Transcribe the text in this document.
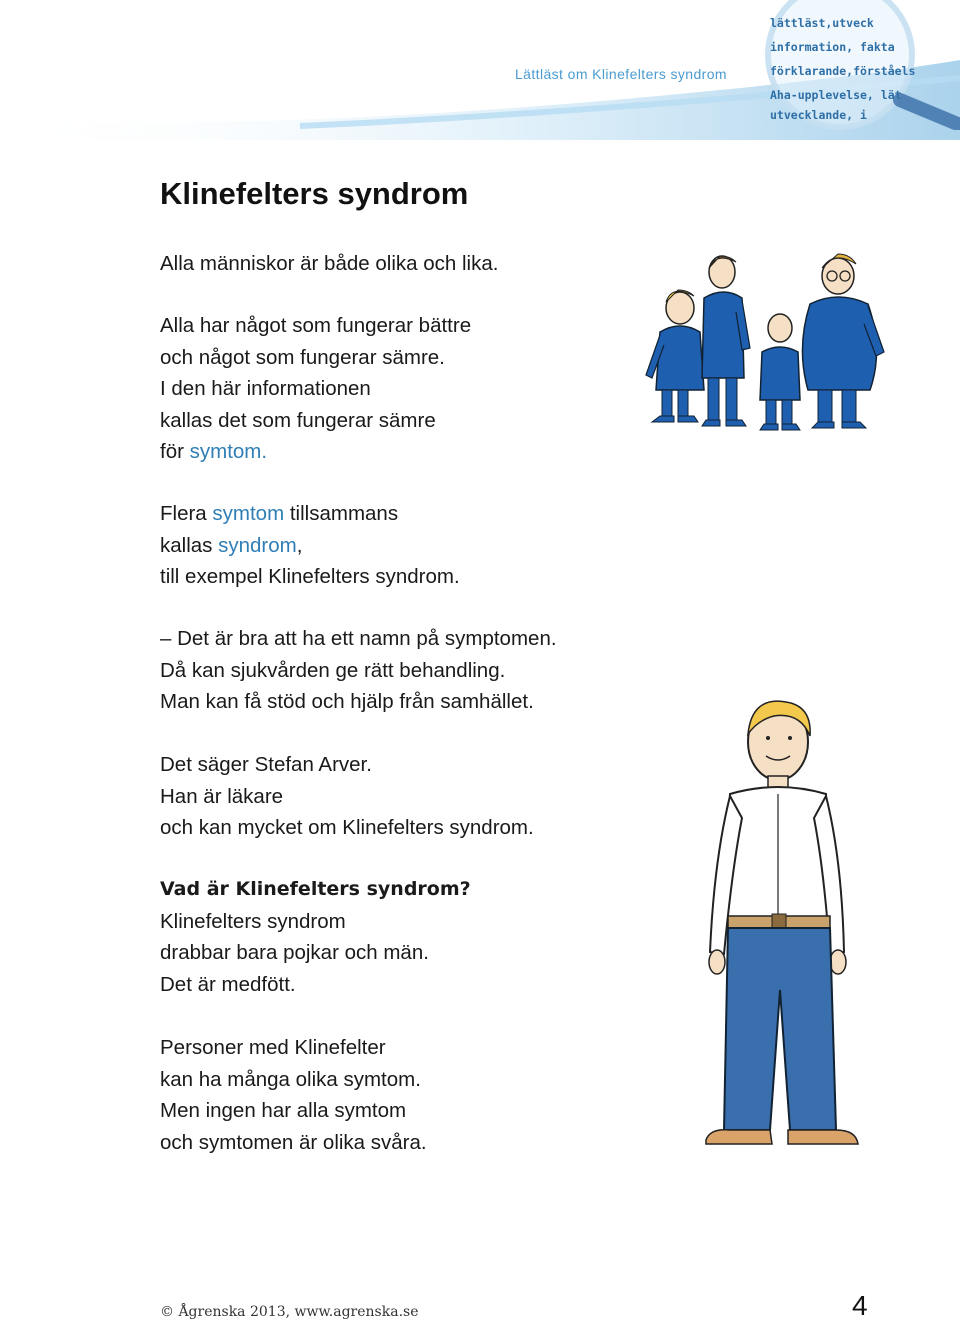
Lättläst om Klinefelters syndrom
lättläst,utveck
information, fakta
förklarande,förståels
Aha-upplevelse, lät
utvecklande, i
Klinefelters syndrom
Alla människor är både olika och lika.
Alla har något som fungerar bättre
och något som fungerar sämre.
I den här informationen
kallas det som fungerar sämre
för symtom.
Flera symtom tillsammans
kallas syndrom,
till exempel Klinefelters syndrom.
– Det är bra att ha ett namn på symptomen.
Då kan sjukvården ge rätt behandling.
Man kan få stöd och hjälp från samhället.
Det säger Stefan Arver.
Han är läkare
och kan mycket om Klinefelters syndrom.
Vad är Klinefelters syndrom?
Klinefelters syndrom
drabbar bara pojkar och män.
Det är medfött.
Personer med Klinefelter
kan ha många olika symtom.
Men ingen har alla symtom
och symtomen är olika svåra.
© Ågrenska 2013, www.agrenska.se	4
